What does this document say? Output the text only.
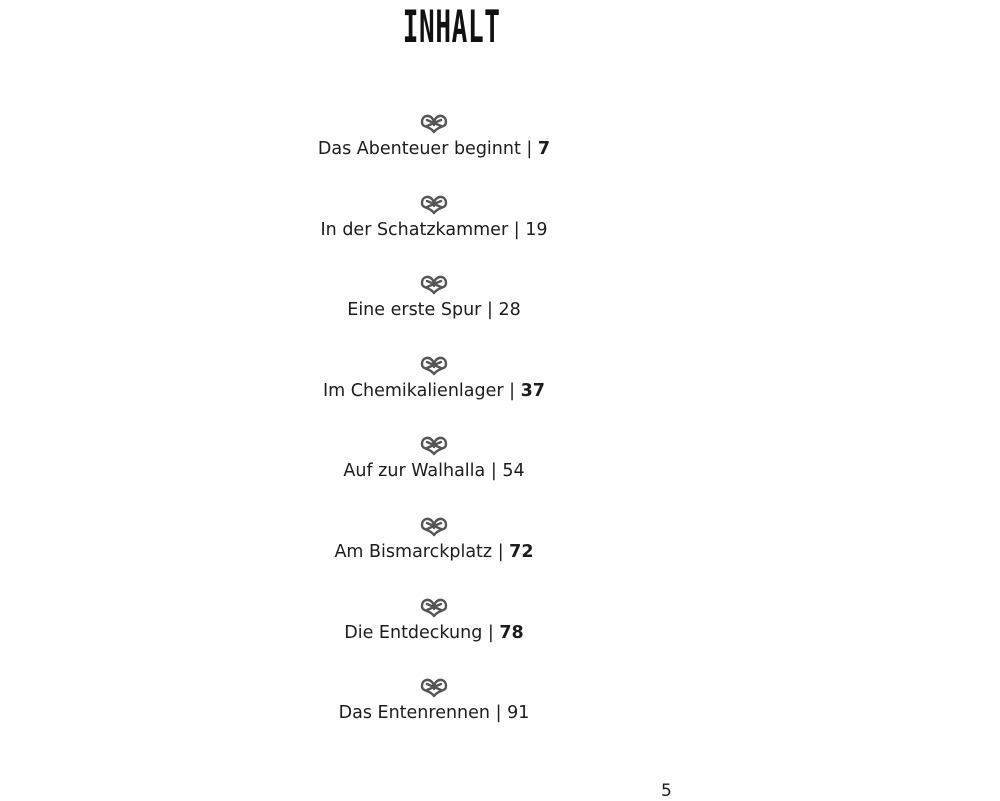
INHALT
Das Abenteuer beginnt | 7
In der Schatzkammer | 19
Eine erste Spur | 28
Im Chemikalienlager | 37
Auf zur Walhalla | 54
Am Bismarckplatz | 72
Die Entdeckung | 78
Das Entenrennen | 91
5
